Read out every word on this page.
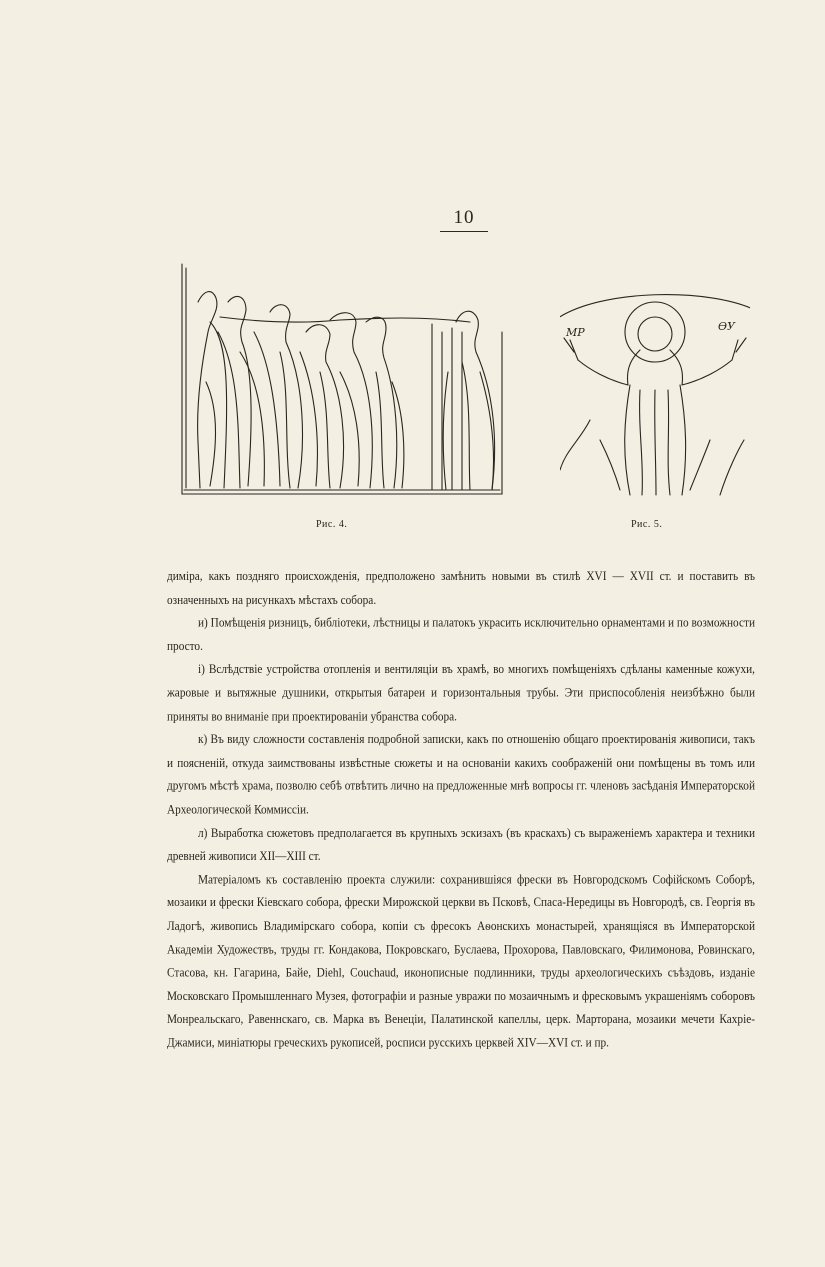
10
Рис. 4.
МР	ѲУ
Рис. 5.

диміра, какъ поздняго происхожденія, предположено замѣнить новыми въ стилѣ XVI — XVII ст. и поставить въ означенныхъ на рисункахъ мѣстахъ собора.

и) Помѣщенія ризницъ, библіотеки, лѣстницы и палатокъ украсить исключительно орнаментами и по возможности просто.

і) Вслѣдствіе устройства отопленія и вентиляціи въ храмѣ, во многихъ помѣщеніяхъ сдѣланы каменные кожухи, жаровые и вытяжные душники, открытыя батареи и горизонтальныя трубы. Эти приспособленія неизбѣжно были приняты во вниманіе при проектированіи убранства собора.

к) Въ виду сложности составленія подробной записки, какъ по отношенію общаго проектированія живописи, такъ и поясненій, откуда заимствованы извѣстные сюжеты и на основаніи какихъ соображеній они помѣщены въ томъ или другомъ мѣстѣ храма, позволю себѣ отвѣтить лично на предложенные мнѣ вопросы гг. членовъ засѣданія Императорской Археологической Коммиссіи.

л) Выработка сюжетовъ предполагается въ крупныхъ эскизахъ (въ краскахъ) съ выраженіемъ характера и техники древней живописи XII—XIII ст.

Матеріаломъ къ составленію проекта служили: сохранившіяся фрески въ Новгородскомъ Софійскомъ Соборѣ, мозаики и фрески Кіевскаго собора, фрески Мирожской церкви въ Псковѣ, Спаса-Нередицы въ Новгородѣ, св. Георгія въ Ладогѣ, живопись Владимірскаго собора, копіи съ фресокъ Аѳонскихъ монастырей, хранящіяся въ Императорской Академіи Художествъ, труды гг. Кондакова, Покровскаго, Буслаева, Прохорова, Павловскаго, Филимонова, Ровинскаго, Стасова, кн. Гагарина, Байе, Diehl, Couchaud, иконописные подлинники, труды археологическихъ съѣздовъ, изданіе Московскаго Промышленнаго Музея, фотографіи и разные увражи по мозаичнымъ и фресковымъ украшеніямъ соборовъ Монреальскаго, Равеннскаго, св. Марка въ Венеціи, Палатинской капеллы, церк. Марторана, мозаики мечети Кахріе-Джамиси, миніатюры греческихъ рукописей, росписи русскихъ церквей XIV—XVI ст. и пр.
